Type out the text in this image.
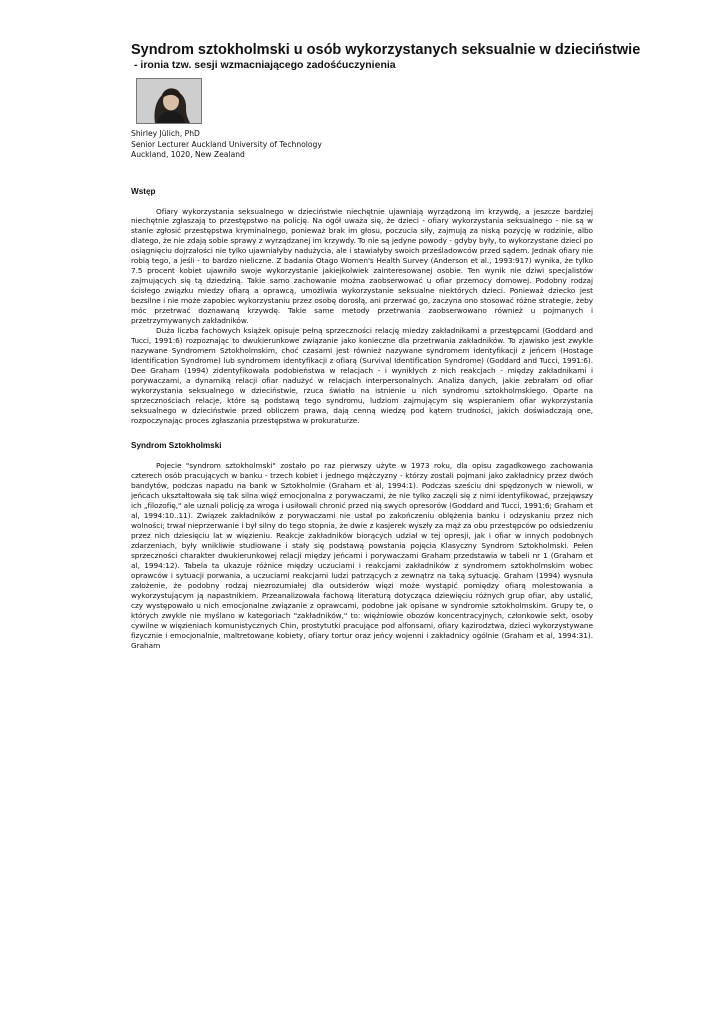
Syndrom sztokholmski u osób wykorzystanych seksualnie w dzieciństwie
- ironia tzw. sesji wzmacniającego zadośćuczynienia
Shirley Jülich, PhD
Senior Lecturer Auckland University of Technology
Auckland, 1020, New Zealand
Wstęp

Ofiary wykorzystania seksualnego w dzieciństwie niechętnie ujawniają wyrządzoną im krzywdę, a jeszcze bardziej niechętnie zgłaszają to przestępstwo na policję. Na ogół uważa się, że dzieci - ofiary wykorzystania seksualnego - nie są w stanie zgłosić przestępstwa kryminalnego, ponieważ brak im głosu, poczucia siły, zajmują za niską pozycję w rodzinie, albo dlatego, że nie zdają sobie sprawy z wyrządzanej im krzywdy. To nie są jedyne powody - gdyby były, to wykorzystane dzieci po osiągnięciu dojrzałości nie tylko ujawniałyby nadużycia, ale i stawiałyby swoich prześladowców przed sądem. Jednak ofiary nie robią tego, a jeśli - to bardzo nieliczne. Z badania Otago Women's Health Survey (Anderson et al., 1993:917) wynika, że tylko 7.5 procent kobiet ujawniło swoje wykorzystanie jakiejkolwiek zainteresowanej osobie. Ten wynik nie dziwi specjalistów zajmujących się tą dziedziną. Takie samo zachowanie można zaobserwować u ofiar przemocy domowej. Podobny rodzaj ścisłego związku miedzy ofiarą a oprawcą, umożliwia wykorzystanie seksualne niektórych dzieci. Ponieważ dziecko jest bezsilne i nie może zapobiec wykorzystaniu przez osobę dorosłą, ani przerwać go, zaczyna ono stosować różne strategie, żeby móc przetrwać doznawaną krzywdę. Takie same metody przetrwania zaobserwowano również u pojmanych i przetrzymywanych zakładników.

Duża liczba fachowych książek opisuje pełną sprzeczności relację miedzy zakładnikami a przestępcami (Goddard and Tucci, 1991:6) rozpoznając to dwukierunkowe związanie jako konieczne dla przetrwania zakładników. To zjawisko jest zwykle nazywane Syndromem Sztokholmskim, choć czasami jest również nazywane syndromem identyfikacji z jeńcem (Hostage Identification Syndrome) lub syndromem identyfikacji z ofiarą (Survival Identification Syndrome) (Goddard and Tucci, 1991:6). Dee Graham (1994) zidentyfikowała podobieństwa w relacjach - i wynikłych z nich reakcjach - między zakładnikami i porywaczami, a dynamiką relacji ofiar nadużyć w relacjach interpersonalnych. Analiza danych, jakie zebrałam od ofiar wykorzystania seksualnego w dzieciństwie, rzuca światło na istnienie u nich syndromu sztokholmskiego. Oparte na sprzecznościach relacje, które są podstawą tego syndromu, ludziom zajmującym się wspieraniem ofiar wykorzystania seksualnego w dzieciństwie przed obliczem prawa, dają cenną wiedzę pod kątem trudności, jakich doświadczają one, rozpoczynając proces zgłaszania przestępstwa w prokuraturze.

Syndrom Sztokholmski

Pojecie "syndrom sztokholmski" zostało po raz pierwszy użyte w 1973 roku, dla opisu zagadkowego zachowania czterech osób pracujących w banku - trzech kobiet i jednego mężczyzny - którzy zostali pojmani jako zakładnicy przez dwóch bandytów, podczas napadu na bank w Sztokholmie (Graham et al, 1994:1). Podczas sześciu dni spędzonych w niewoli, w jeńcach ukształtowała się tak silna więź emocjonalna z porywaczami, że nie tylko zaczęli się z nimi identyfikować, przejąwszy ich „filozofię," ale uznali policję za wroga i usiłowali chronić przed nią swych opresorów (Goddard and Tucci, 1991:6; Graham et al, 1994:10..11). Związek zakładników z porywaczami nie ustał po zakończeniu oblężenia banku i odzyskaniu przez nich wolności; trwał nieprzerwanie i był silny do tego stopnia, że dwie z kasjerek wyszły za mąż za obu przestępców po odsiedzeniu przez nich dziesięciu lat w więzieniu. Reakcje zakładników biorących udział w tej opresji, jak i ofiar w innych podobnych zdarzeniach, były wnikliwie studiowane i stały się podstawą powstania pojęcia Klasyczny Syndrom Sztokholmski. Pełen sprzeczności charakter dwukierunkowej relacji między jeńcami i porywaczami Graham przedstawia w tabeli nr 1 (Graham et al, 1994:12). Tabela ta ukazuje różnice między uczuciami i reakcjami zakładników z syndromem sztokholmskim wobec oprawców i sytuacji porwania, a uczuciami reakcjami ludzi patrzących z zewnątrz na taką sytuację. Graham (1994) wysnuła założenie, że podobny rodzaj niezrozumiałej dla outsiderów więzi może wystąpić pomiędzy ofiarą molestowania a wykorzystującym ją napastnikiem. Przeanalizowała fachową literaturą dotycząca dziewięciu różnych grup ofiar, aby ustalić, czy występowało u nich emocjonalne związanie z oprawcami, podobne jak opisane w syndromie sztokholmskim. Grupy te, o których zwykle nie myślano w kategoriach "zakładników," to: więźniowie obozów koncentracyjnych, członkowie sekt, osoby cywilne w więzieniach komunistycznych Chin, prostytutki pracujące pod alfonsami, ofiary kazirodztwa, dzieci wykorzystywane fizycznie i emocjonalnie, maltretowane kobiety, ofiary tortur oraz jeńcy wojenni i zakładnicy ogólnie (Graham et al, 1994:31). Graham
